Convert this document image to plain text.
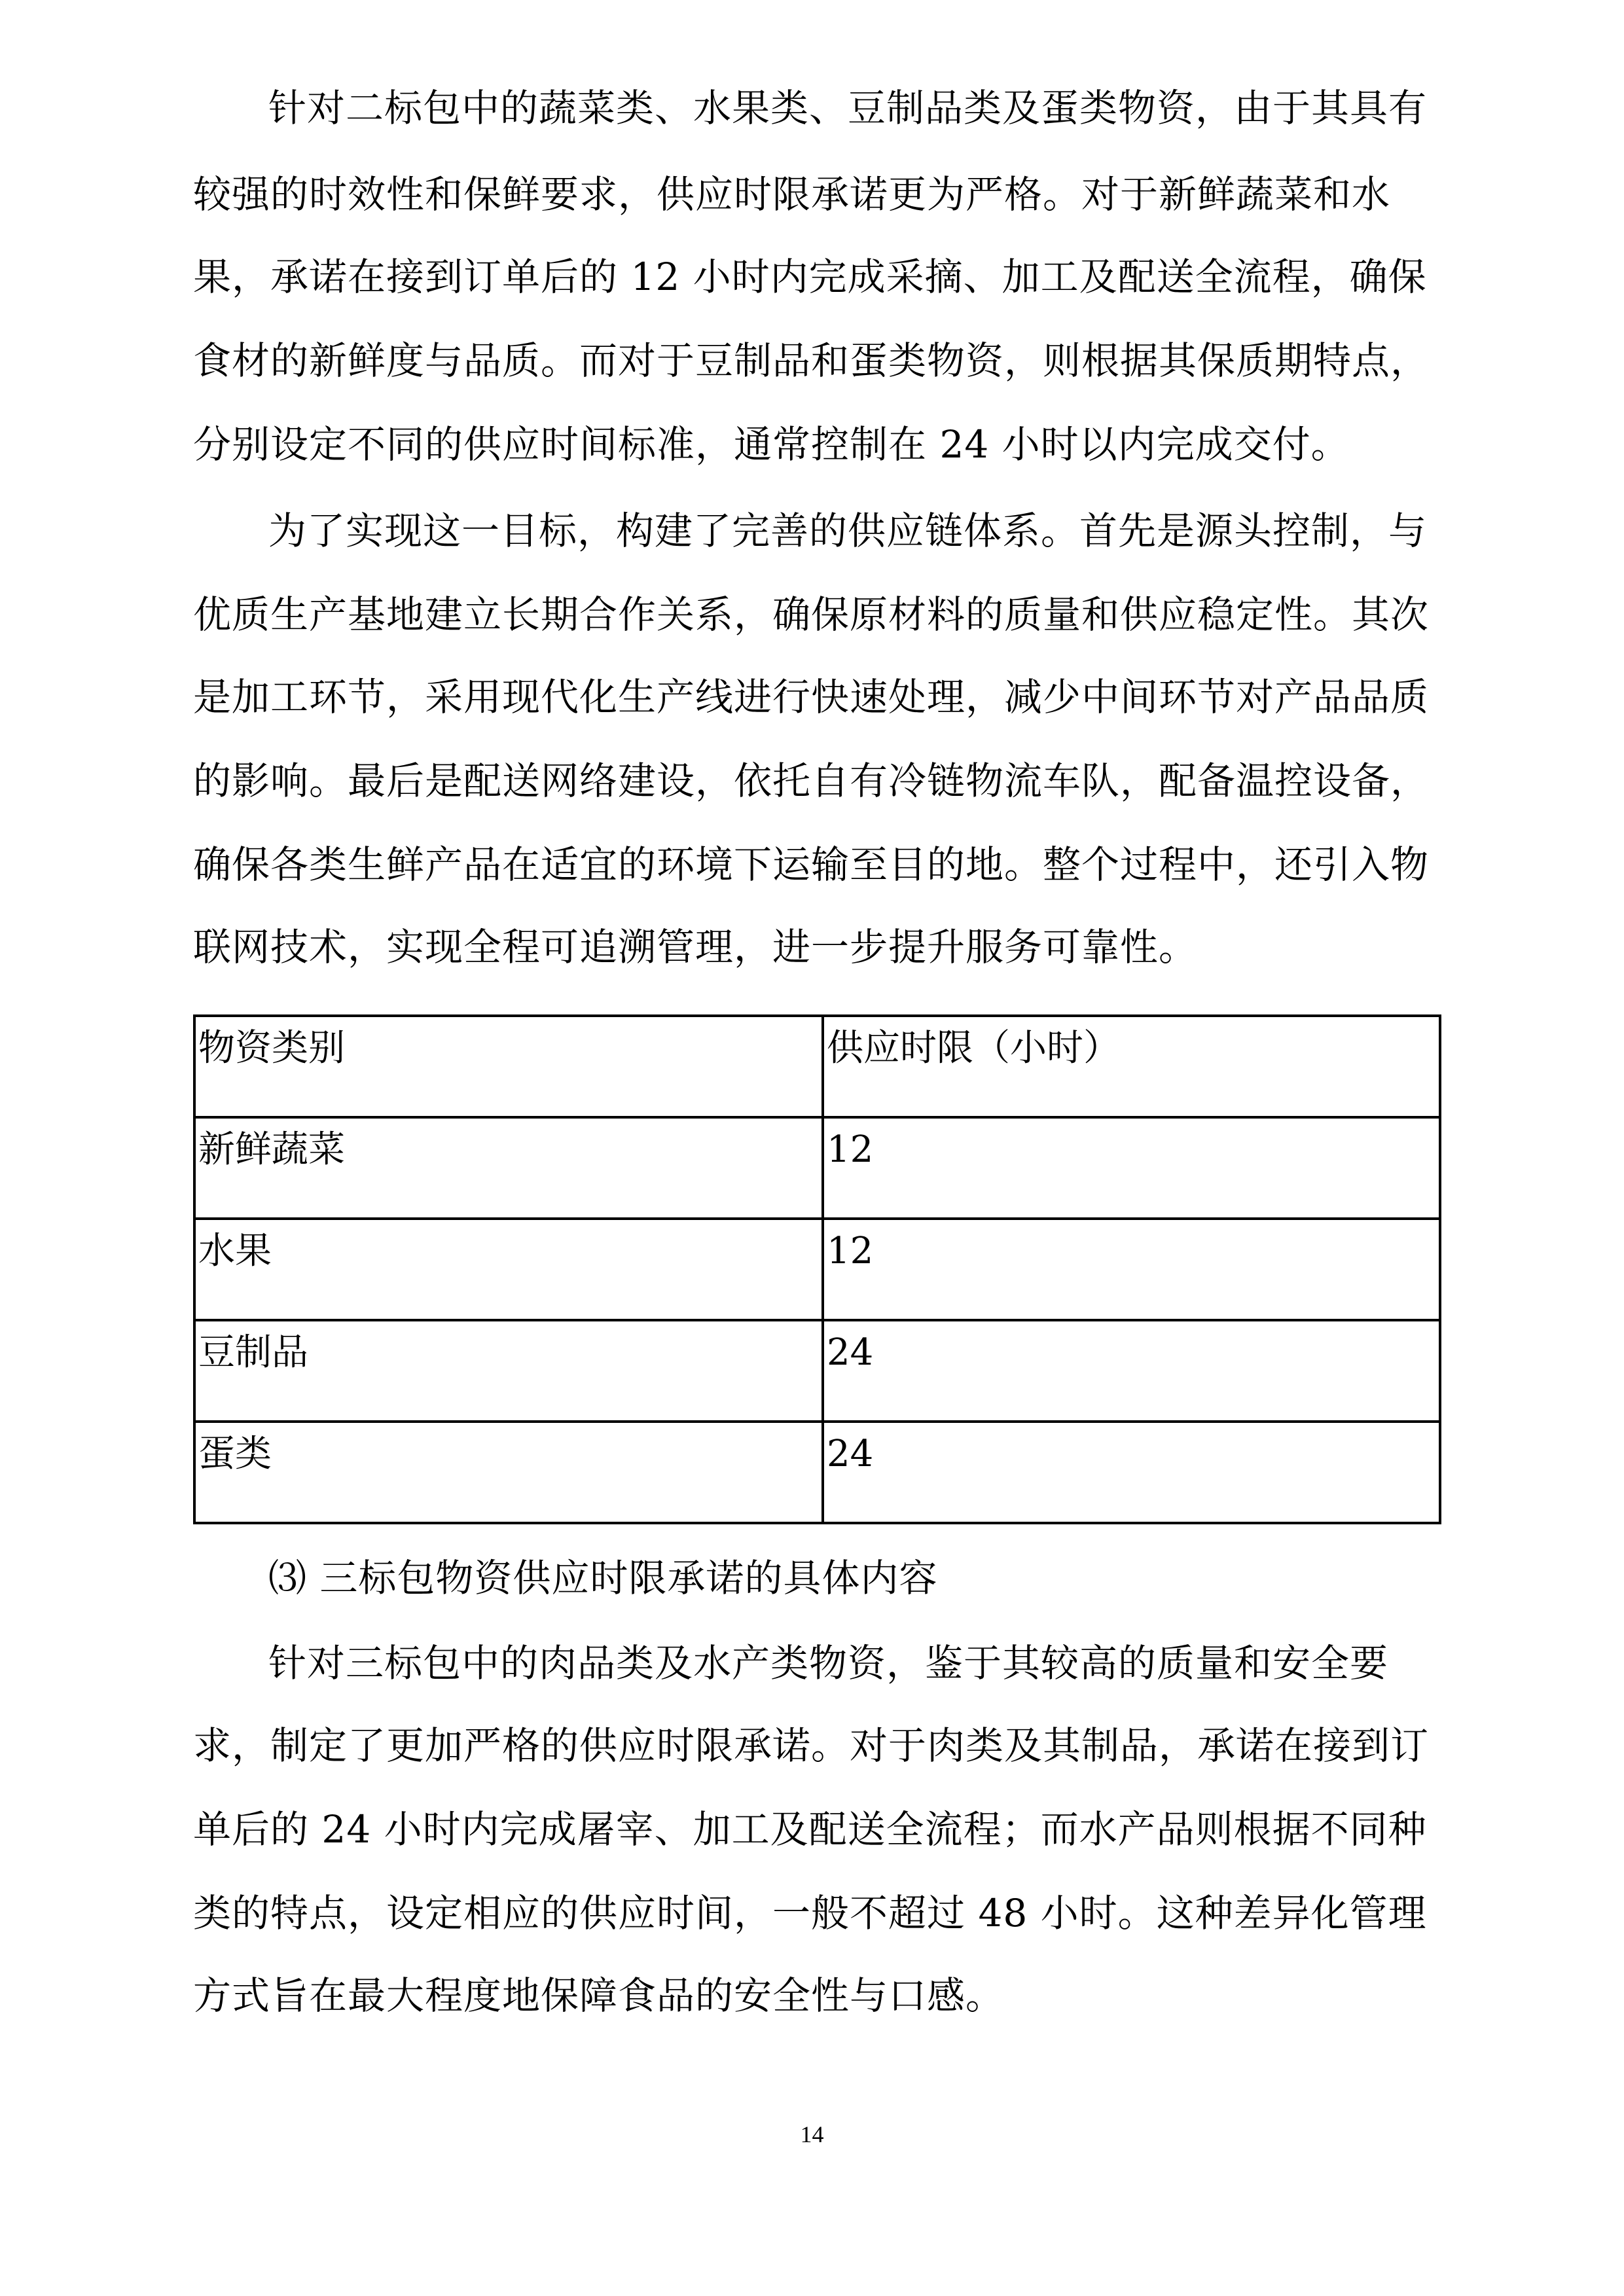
针对二标包中的蔬菜类、水果类、豆制品类及蛋类物资，由于其具有
较强的时效性和保鲜要求，供应时限承诺更为严格。对于新鲜蔬菜和水
果，承诺在接到订单后的 12 小时内完成采摘、加工及配送全流程，确保
食材的新鲜度与品质。而对于豆制品和蛋类物资，则根据其保质期特点，
分别设定不同的供应时间标准，通常控制在 24 小时以内完成交付。
为了实现这一目标，构建了完善的供应链体系。首先是源头控制，与
优质生产基地建立长期合作关系，确保原材料的质量和供应稳定性。其次
是加工环节，采用现代化生产线进行快速处理，减少中间环节对产品品质
的影响。最后是配送网络建设，依托自有冷链物流车队，配备温控设备，
确保各类生鲜产品在适宜的环境下运输至目的地。整个过程中，还引入物
联网技术，实现全程可追溯管理，进一步提升服务可靠性。
物资类别	供应时限（小时）
新鲜蔬菜	12
水果	12
豆制品	24
蛋类	24
⑶ 三标包物资供应时限承诺的具体内容
针对三标包中的肉品类及水产类物资，鉴于其较高的质量和安全要
求，制定了更加严格的供应时限承诺。对于肉类及其制品，承诺在接到订
单后的 24 小时内完成屠宰、加工及配送全流程；而水产品则根据不同种
类的特点，设定相应的供应时间，一般不超过 48 小时。这种差异化管理
方式旨在最大程度地保障食品的安全性与口感。
14
